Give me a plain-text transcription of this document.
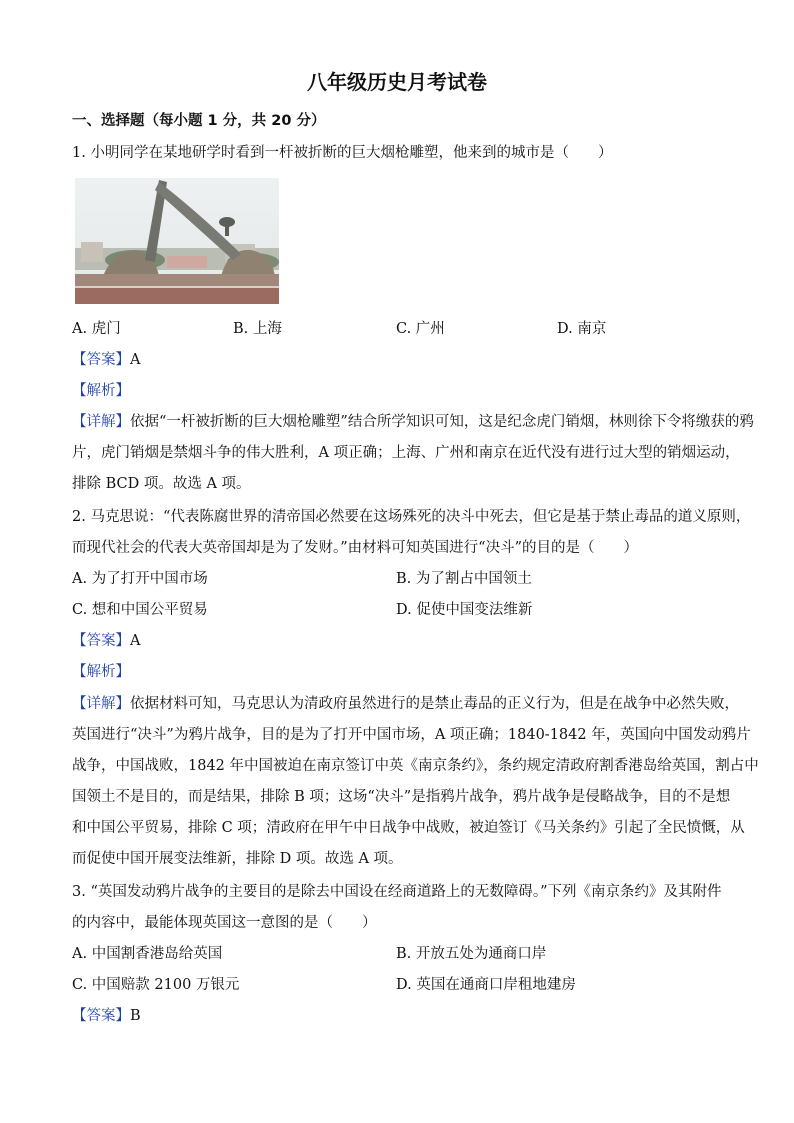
八年级历史月考试卷
一、选择题（每小题 1 分，共 20 分）
1. 小明同学在某地研学时看到一杆被折断的巨大烟枪雕塑，他来到的城市是（　　）
A. 虎门	B. 上海	C. 广州	D. 南京
【答案】A
【解析】
【详解】依据“一杆被折断的巨大烟枪雕塑”结合所学知识可知，这是纪念虎门销烟，林则徐下令将缴获的鸦
片，虎门销烟是禁烟斗争的伟大胜利，A 项正确；上海、广州和南京在近代没有进行过大型的销烟运动，
排除 BCD 项。故选 A 项。
2. 马克思说：“代表陈腐世界的清帝国必然要在这场殊死的决斗中死去，但它是基于禁止毒品的道义原则，
而现代社会的代表大英帝国却是为了发财。”由材料可知英国进行“决斗”的目的是（　　）
A. 为了打开中国市场	B. 为了割占中国领土
C. 想和中国公平贸易	D. 促使中国变法维新
【答案】A
【解析】
【详解】依据材料可知，马克思认为清政府虽然进行的是禁止毒品的正义行为，但是在战争中必然失败，
英国进行“决斗”为鸦片战争，目的是为了打开中国市场，A 项正确；1840-1842 年，英国向中国发动鸦片
战争，中国战败，1842 年中国被迫在南京签订中英《南京条约》，条约规定清政府割香港岛给英国，割占中
国领土不是目的，而是结果，排除 B 项；这场“决斗”是指鸦片战争，鸦片战争是侵略战争，目的不是想
和中国公平贸易，排除 C 项；清政府在甲午中日战争中战败，被迫签订《马关条约》引起了全民愤慨，从
而促使中国开展变法维新，排除 D 项。故选 A 项。
3. “英国发动鸦片战争的主要目的是除去中国设在经商道路上的无数障碍。”下列《南京条约》及其附件
的内容中，最能体现英国这一意图的是（　　）
A. 中国割香港岛给英国	B. 开放五处为通商口岸
C. 中国赔款 2100 万银元	D. 英国在通商口岸租地建房
【答案】B
